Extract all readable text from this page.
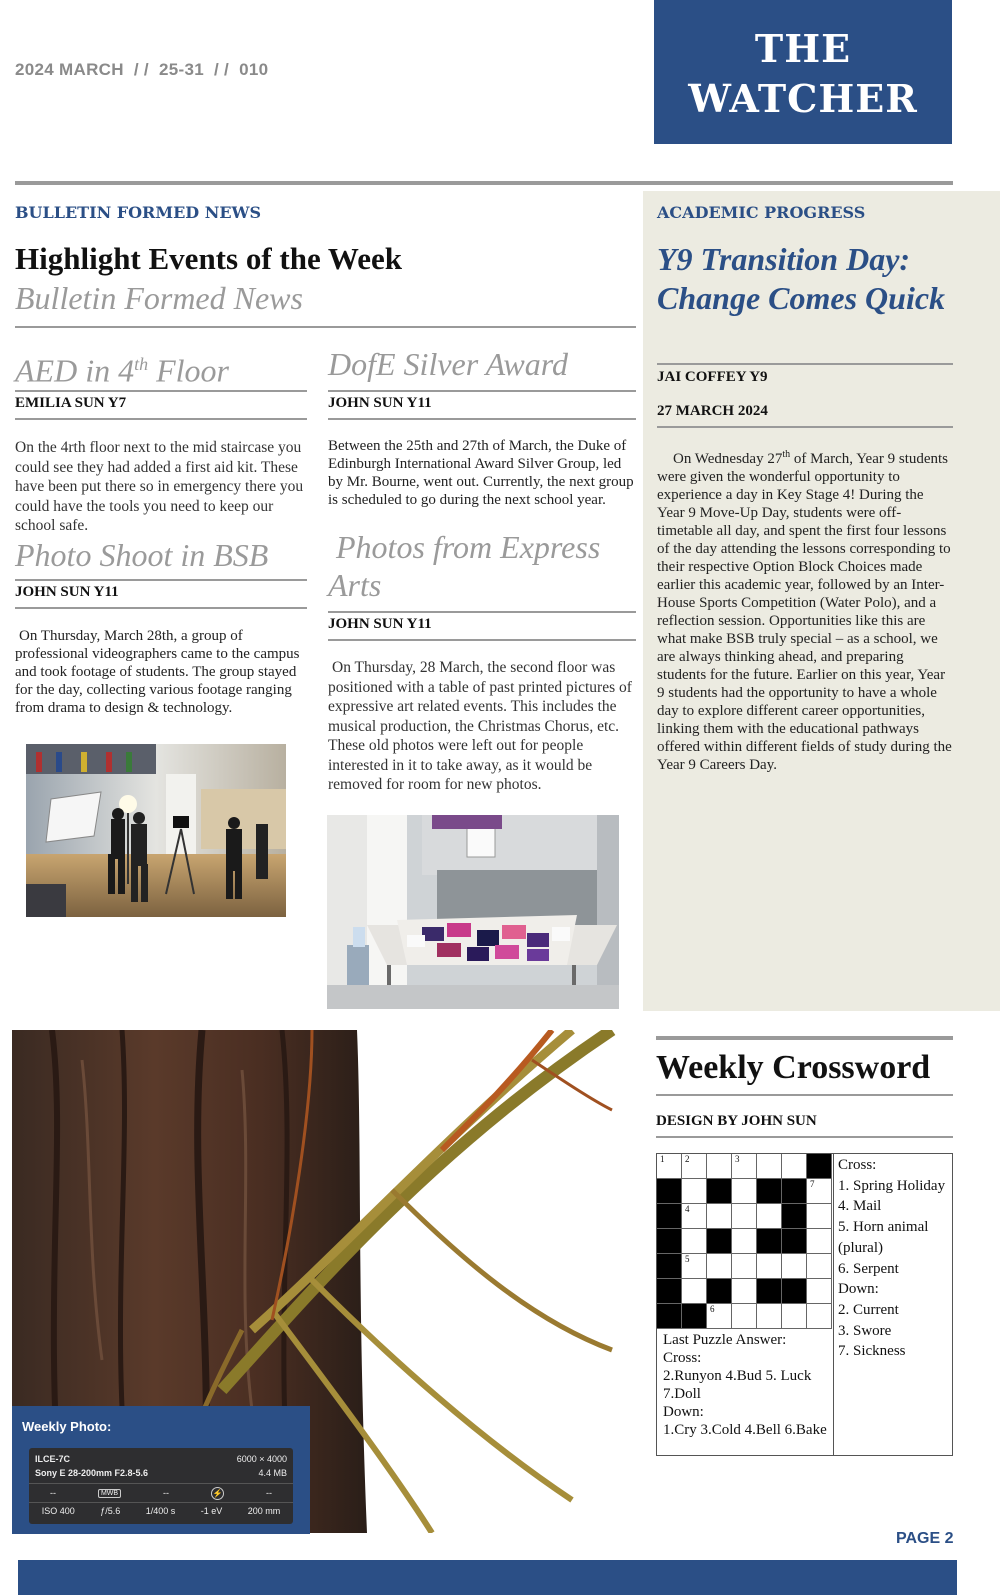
2024 MARCH  / /  25-31  / /  010	THE
WATCHER
BULLETIN FORMED NEWS
Highlight Events of the Week
Bulletin Formed News
AED in 4th Floor
EMILIA SUN Y7
On the 4rth floor next to the mid staircase you could see they had added a first aid kit. These have been put there so in emergency there you could have the tools you need to keep our school safe.
Photo Shoot in BSB
JOHN SUN Y11
On Thursday, March 28th, a group of professional videographers came to the campus and took footage of students. The group stayed for the day, collecting various footage ranging from drama to design & technology.
DofE Silver Award
JOHN SUN Y11
Between the 25th and 27th of March, the Duke of Edinburgh International Award Silver Group, led by Mr. Bourne, went out. Currently, the next group is scheduled to go during the next school year.
Photos from Express Arts
JOHN SUN Y11
On Thursday, 28 March, the second floor was positioned with a table of past printed pictures of expressive art related events. This includes the musical production, the Christmas Chorus, etc. These old photos were left out for people interested in it to take away, as it would be removed for room for new photos.
ACADEMIC PROGRESS
Y9 Transition Day: Change Comes Quick
JAI COFFEY Y9
27 MARCH 2024
On Wednesday 27th of March, Year 9 students were given the wonderful opportunity to experience a day in Key Stage 4! During the Year 9 Move-Up Day, students were off-timetable all day, and spent the first four lessons of the day attending the lessons corresponding to their respective Option Block Choices made earlier this academic year, followed by an Inter-House Sports Competition (Water Polo), and a reflection session. Opportunities like this are what make BSB truly special – as a school, we are always thinking ahead, and preparing students for the future. Earlier on this year, Year 9 students had the opportunity to have a whole day to explore different career opportunities, linking them with the educational pathways offered within different fields of study during the Year 9 Careers Day.
Weekly Photo:
ILCE-7C	6000 × 4000
Sony E 28-200mm F2.8-5.6	4.4 MB
--	MWB	--	⚡	--
ISO 400	ƒ/5.6	1/400 s	-1 eV	200 mm
Weekly Crossword
DESIGN BY JOHN SUN
1 2	3
7
4
5
6
Cross:
1. Spring Holiday
4. Mail
5. Horn animal (plural)
6. Serpent
Down:
2. Current
3. Swore
7. Sickness
Last Puzzle Answer:
Cross:
2.Runyon 4.Bud 5. Luck 7.Doll
Down:
1.Cry 3.Cold 4.Bell 6.Bake
PAGE 2
